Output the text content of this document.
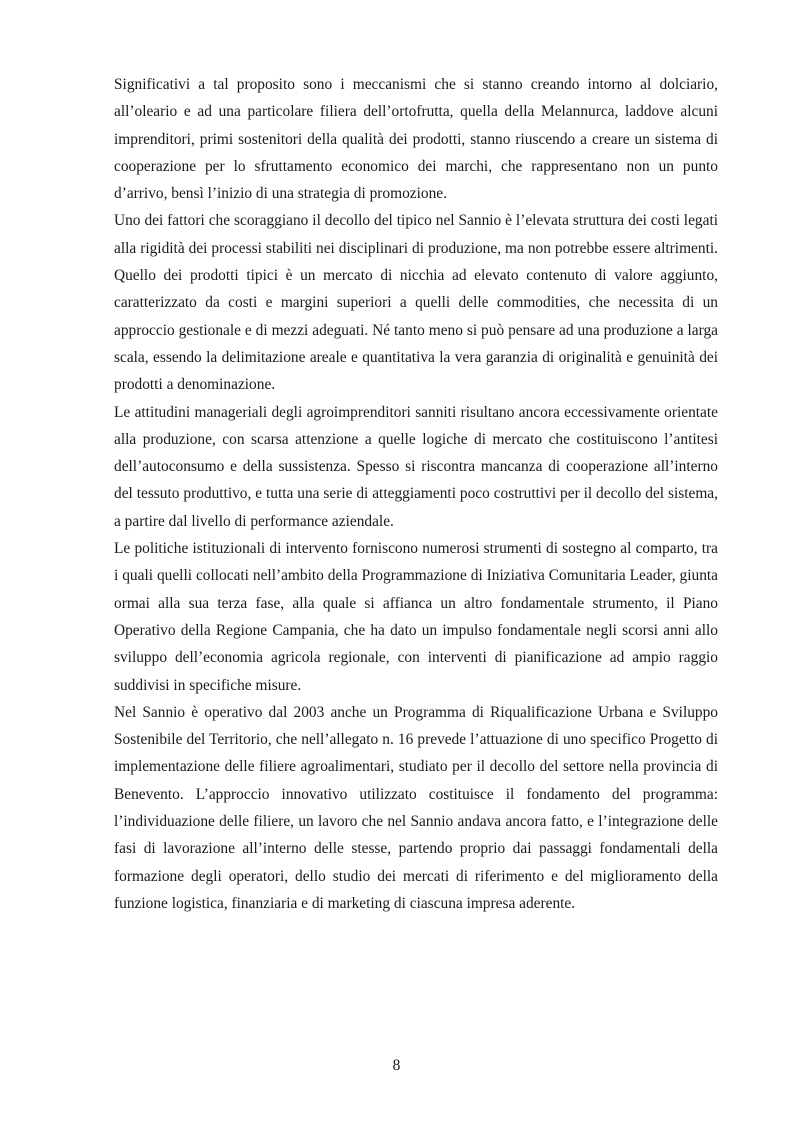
Significativi a tal proposito sono i meccanismi che si stanno creando intorno al dolciario, all’oleario e ad una particolare filiera dell’ortofrutta, quella della Melannurca, laddove alcuni imprenditori, primi sostenitori della qualità dei prodotti, stanno riuscendo a creare un sistema di cooperazione per lo sfruttamento economico dei marchi, che rappresentano non un punto d’arrivo, bensì l’inizio di una strategia di promozione.

Uno dei fattori che scoraggiano il decollo del tipico nel Sannio è l’elevata struttura dei costi legati alla rigidità dei processi stabiliti nei disciplinari di produzione, ma non potrebbe essere altrimenti. Quello dei prodotti tipici è un mercato di nicchia ad elevato contenuto di valore aggiunto, caratterizzato da costi e margini superiori a quelli delle commodities, che necessita di un approccio gestionale e di mezzi adeguati. Né tanto meno si può pensare ad una produzione a larga scala, essendo la delimitazione areale e quantitativa la vera garanzia di originalità e genuinità dei prodotti a denominazione.

Le attitudini manageriali degli agroimprenditori sanniti risultano ancora eccessivamente orientate alla produzione, con scarsa attenzione a quelle logiche di mercato che costituiscono l’antitesi dell’autoconsumo e della sussistenza. Spesso si riscontra mancanza di cooperazione all’interno del tessuto produttivo, e tutta una serie di atteggiamenti poco costruttivi per il decollo del sistema, a partire dal livello di performance aziendale.

Le politiche istituzionali di intervento forniscono numerosi strumenti di sostegno al comparto, tra i quali quelli collocati nell’ambito della Programmazione di Iniziativa Comunitaria Leader, giunta ormai alla sua terza fase, alla quale si affianca un altro fondamentale strumento, il Piano Operativo della Regione Campania, che ha dato un impulso fondamentale negli scorsi anni allo sviluppo dell’economia agricola regionale, con interventi di pianificazione ad ampio raggio suddivisi in specifiche misure.

Nel Sannio è operativo dal 2003 anche un Programma di Riqualificazione Urbana e Sviluppo Sostenibile del Territorio, che nell’allegato n. 16 prevede l’attuazione di uno specifico Progetto di implementazione delle filiere agroalimentari, studiato per il decollo del settore nella provincia di Benevento. L’approccio innovativo utilizzato costituisce il fondamento del programma: l’individuazione delle filiere, un lavoro che nel Sannio andava ancora fatto, e l’integrazione delle fasi di lavorazione all’interno delle stesse, partendo proprio dai passaggi fondamentali della formazione degli operatori, dello studio dei mercati di riferimento e del miglioramento della funzione logistica, finanziaria e di marketing di ciascuna impresa aderente.

8
